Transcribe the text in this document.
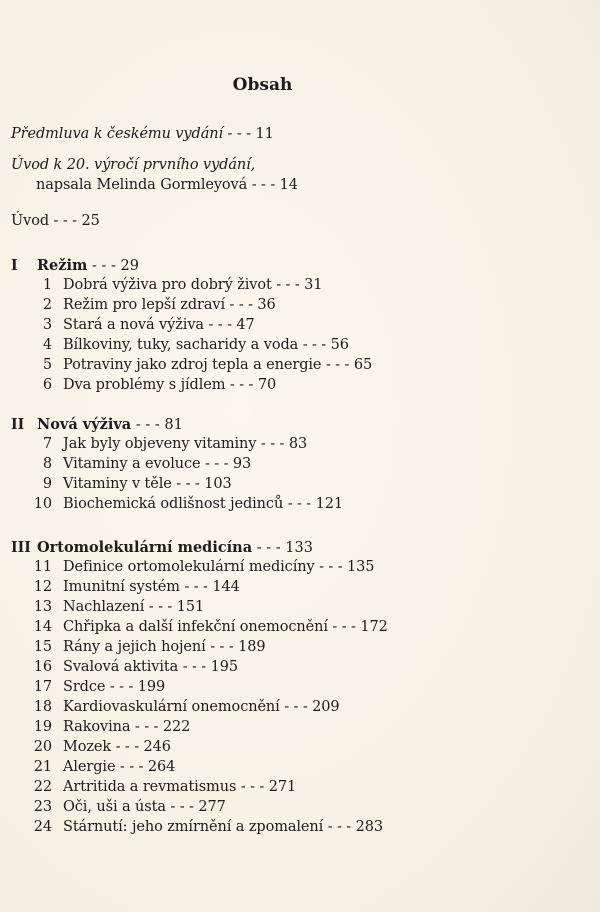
Obsah
Předmluva k českému vydání - - - 11
Úvod k 20. výročí prvního vydání,
napsala Melinda Gormleyová - - - 14
Úvod - - - 25
I Režim - - - 29
1 Dobrá výživa pro dobrý život - - - 31
2 Režim pro lepší zdraví - - - 36
3 Stará a nová výživa - - - 47
4 Bílkoviny, tuky, sacharidy a voda - - - 56
5 Potraviny jako zdroj tepla a energie - - - 65
6 Dva problémy s jídlem - - - 70
II Nová výživa - - - 81
7 Jak byly objeveny vitaminy - - - 83
8 Vitaminy a evoluce - - - 93
9 Vitaminy v těle - - - 103
10 Biochemická odlišnost jedinců - - - 121
III Ortomolekulární medicína - - - 133
11 Definice ortomolekulární medicíny - - - 135
12 Imunitní systém - - - 144
13 Nachlazení - - - 151
14 Chřipka a další infekční onemocnění - - - 172
15 Rány a jejich hojení - - - 189
16 Svalová aktivita - - - 195
17 Srdce - - - 199
18 Kardiovaskulární onemocnění - - - 209
19 Rakovina - - - 222
20 Mozek - - - 246
21 Alergie - - - 264
22 Artritida a revmatismus - - - 271
23 Oči, uši a ústa - - - 277
24 Stárnutí: jeho zmírnění a zpomalení - - - 283
